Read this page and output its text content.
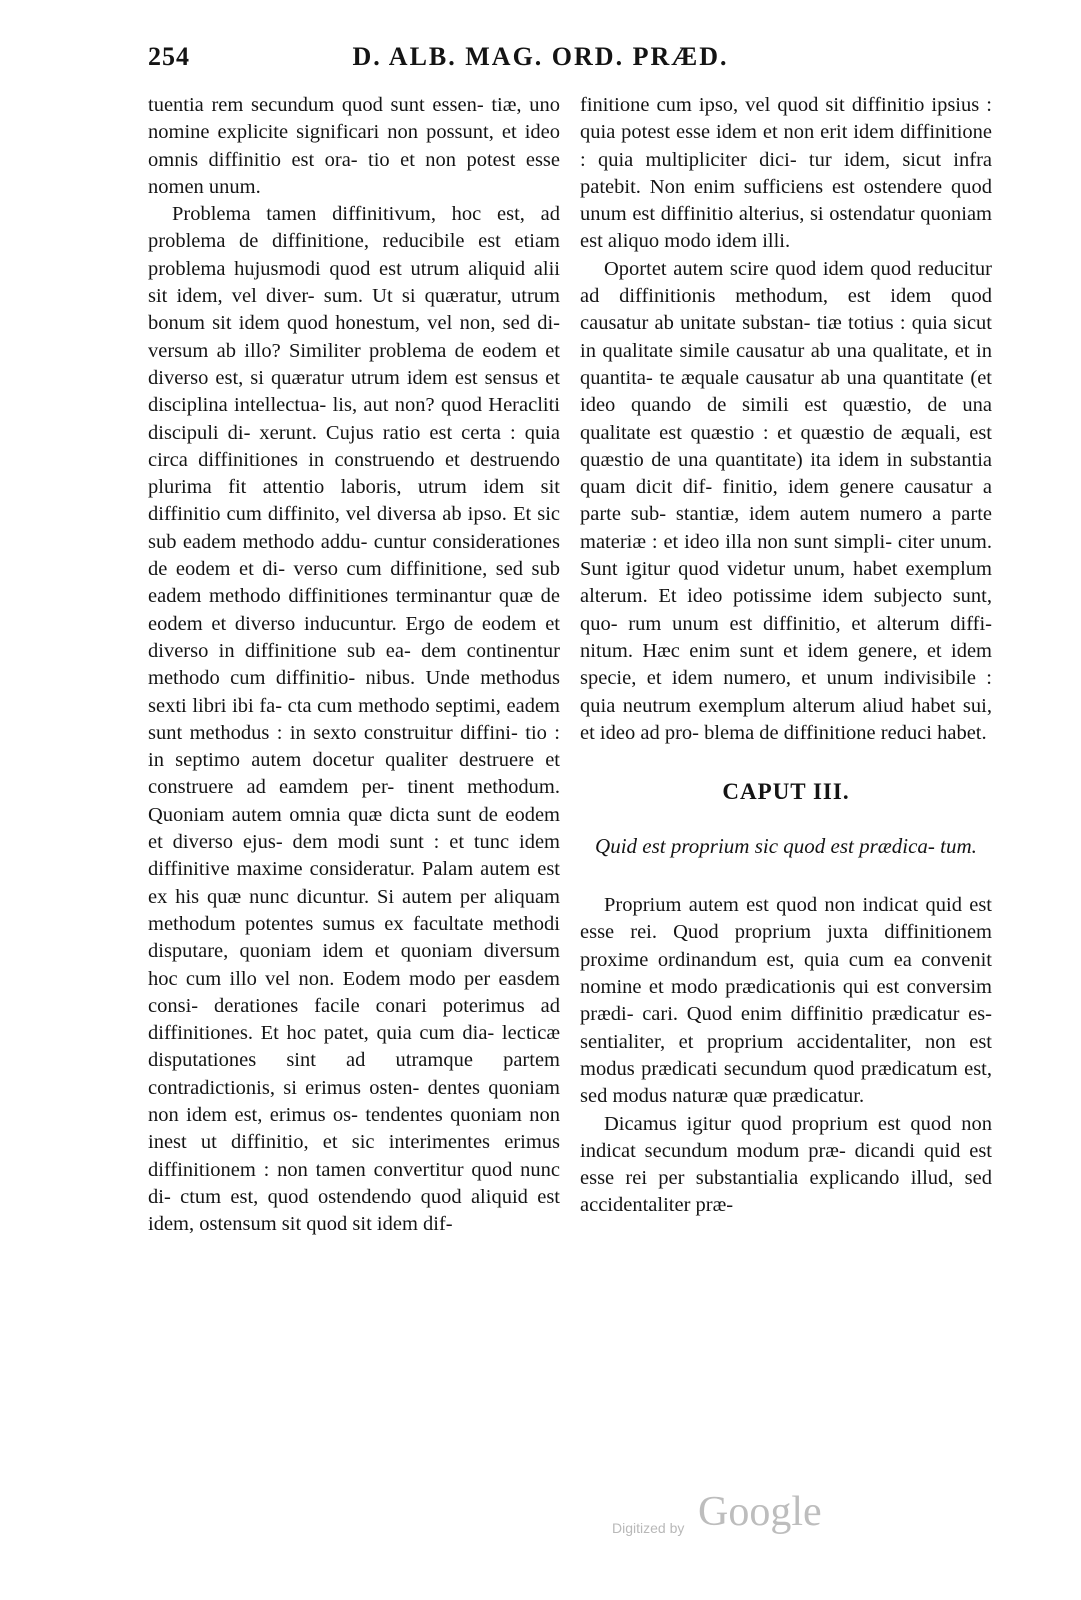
254	D. ALB. MAG. ORD. PRÆD.

tuentia rem secundum quod sunt essen- tiæ, uno nomine explicite significari non possunt, et ideo omnis diffinitio est ora- tio et non potest esse nomen unum.

Problema tamen diffinitivum, hoc est, ad problema de diffinitione, reducibile est etiam problema hujusmodi quod est utrum aliquid alii sit idem, vel diver- sum. Ut si quæratur, utrum bonum sit idem quod honestum, vel non, sed di- versum ab illo? Similiter problema de eodem et diverso est, si quæratur utrum idem est sensus et disciplina intellectua- lis, aut non? quod Heracliti discipuli di- xerunt. Cujus ratio est certa : quia circa diffinitiones in construendo et destruendo plurima fit attentio laboris, utrum idem sit diffinitio cum diffinito, vel diversa ab ipso. Et sic sub eadem methodo addu- cuntur considerationes de eodem et di- verso cum diffinitione, sed sub eadem methodo diffinitiones terminantur quæ de eodem et diverso inducuntur. Ergo de eodem et diverso in diffinitione sub ea- dem continentur methodo cum diffinitio- nibus. Unde methodus sexti libri ibi fa- cta cum methodo septimi, eadem sunt methodus : in sexto construitur diffini- tio : in septimo autem docetur qualiter destruere et construere ad eamdem per- tinent methodum. Quoniam autem omnia quæ dicta sunt de eodem et diverso ejus- dem modi sunt : et tunc idem diffinitive maxime consideratur. Palam autem est ex his quæ nunc dicuntur. Si autem per aliquam methodum potentes sumus ex facultate methodi disputare, quoniam idem et quoniam diversum hoc cum illo vel non. Eodem modo per easdem consi- derationes facile conari poterimus ad diffinitiones. Et hoc patet, quia cum dia- lecticæ disputationes sint ad utramque partem contradictionis, si erimus osten- dentes quoniam non idem est, erimus os- tendentes quoniam non inest ut diffinitio, et sic interimentes erimus diffinitionem : non tamen convertitur quod nunc di- ctum est, quod ostendendo quod aliquid est idem, ostensum sit quod sit idem dif-

finitione cum ipso, vel quod sit diffinitio ipsius : quia potest esse idem et non erit idem diffinitione : quia multipliciter dici- tur idem, sicut infra patebit. Non enim sufficiens est ostendere quod unum est diffinitio alterius, si ostendatur quoniam est aliquo modo idem illi.

Oportet autem scire quod idem quod reducitur ad diffinitionis methodum, est idem quod causatur ab unitate substan- tiæ totius : quia sicut in qualitate simile causatur ab una qualitate, et in quantita- te æquale causatur ab una quantitate (et ideo quando de simili est quæstio, de una qualitate est quæstio : et quæstio de æquali, est quæstio de una quantitate) ita idem in substantia quam dicit dif- finitio, idem genere causatur a parte sub- stantiæ, idem autem numero a parte materiæ : et ideo illa non sunt simpli- citer unum. Sunt igitur quod videtur unum, habet exemplum alterum. Et ideo potissime idem subjecto sunt, quo- rum unum est diffinitio, et alterum diffi- nitum. Hæc enim sunt et idem genere, et idem specie, et idem numero, et unum indivisibile : quia neutrum exemplum alterum aliud habet sui, et ideo ad pro- blema de diffinitione reduci habet.

CAPUT III.
Quid est proprium sic quod est prædica- tum.

Proprium autem est quod non indicat quid est esse rei. Quod proprium juxta diffinitionem proxime ordinandum est, quia cum ea convenit nomine et modo prædicationis qui est conversim prædi- cari. Quod enim diffinitio prædicatur es- sentialiter, et proprium accidentaliter, non est modus prædicati secundum quod prædicatum est, sed modus naturæ quæ prædicatur.

Dicamus igitur quod proprium est quod non indicat secundum modum præ- dicandi quid est esse rei per substantialia explicando illud, sed accidentaliter præ-

Digitized by Google
